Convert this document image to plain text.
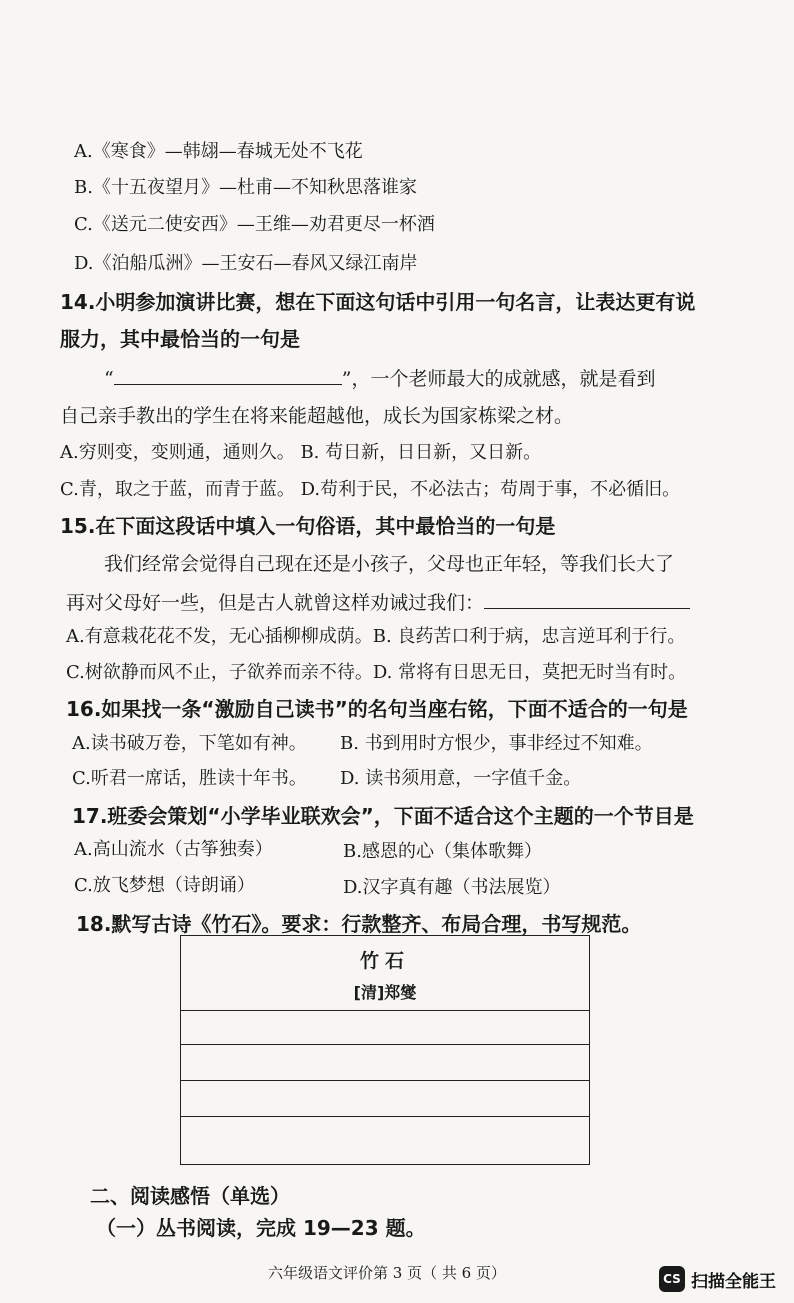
A.《寒食》—韩翃—春城无处不飞花
B.《十五夜望月》—杜甫—不知秋思落谁家
C.《送元二使安西》—王维—劝君更尽一杯酒
D.《泊船瓜洲》—王安石—春风又绿江南岸
14.小明参加演讲比赛，想在下面这句话中引用一句名言，让表达更有说
服力，其中最恰当的一句是
“	”，一个老师最大的成就感，就是看到
自己亲手教出的学生在将来能超越他，成长为国家栋梁之材。
A.穷则变，变则通，通则久。 B. 苟日新，日日新，又日新。
C.青，取之于蓝，而青于蓝。 D.苟利于民，不必法古；苟周于事，不必循旧。
15.在下面这段话中填入一句俗语，其中最恰当的一句是
我们经常会觉得自己现在还是小孩子，父母也正年轻，等我们长大了
再对父母好一些，但是古人就曾这样劝诫过我们：
A.有意栽花花不发，无心插柳柳成荫。B. 良药苦口利于病，忠言逆耳利于行。
C.树欲静而风不止，子欲养而亲不待。D. 常将有日思无日，莫把无时当有时。
16.如果找一条“激励自己读书”的名句当座右铭，下面不适合的一句是
A.读书破万卷，下笔如有神。 B. 书到用时方恨少，事非经过不知难。
C.听君一席话，胜读十年书。 D. 读书须用意，一字值千金。
17.班委会策划“小学毕业联欢会”，下面不适合这个主题的一个节目是
A.高山流水（古筝独奏）	B.感恩的心（集体歌舞）
C.放飞梦想（诗朗诵）	D.汉字真有趣（书法展览）
18.默写古诗《竹石》。要求：行款整齐、布局合理，书写规范。
竹石
[清]郑燮
二、阅读感悟（单选）
（一）丛书阅读，完成 19—23 题。
六年级语文评价第 3 页（ 共 6 页）	CS 扫描全能王
